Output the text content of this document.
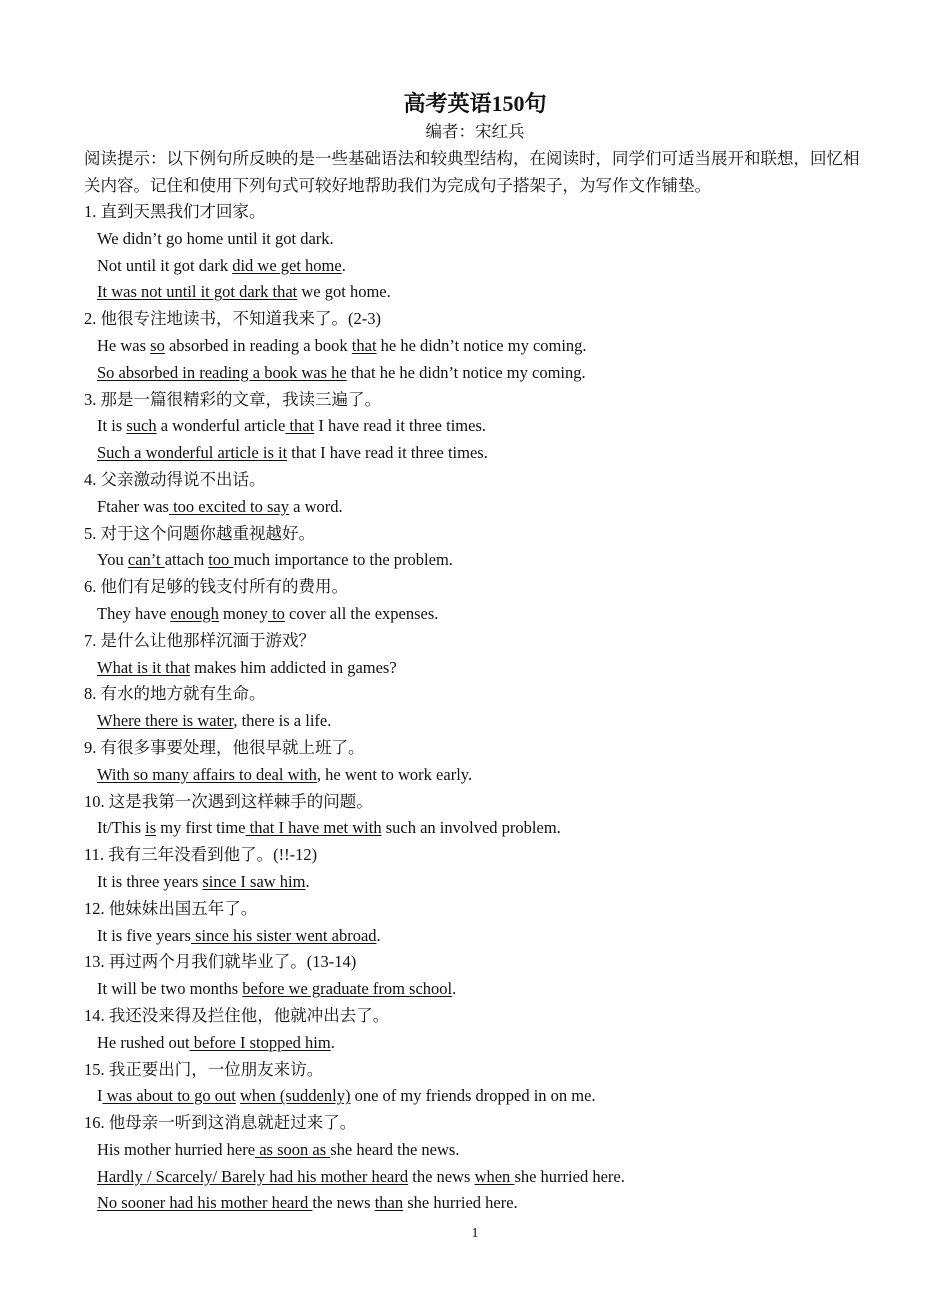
高考英语150句
编者：宋红兵
阅读提示：以下例句所反映的是一些基础语法和较典型结构，在阅读时，同学们可适当展开和联想，回忆相关内容。记住和使用下列句式可较好地帮助我们为完成句子搭架子，为写作文作铺垫。
1. 直到天黑我们才回家。
We didn’t go home until it got dark.
Not until it got dark did we get home.
It was not until it got dark that we got home.
2. 他很专注地读书，不知道我来了。(2-3)
He was so absorbed in reading a book that he he didn’t notice my coming.
So absorbed in reading a book was he that he he didn’t notice my coming.
3. 那是一篇很精彩的文章，我读三遍了。
It is such a wonderful article that I have read it three times.
Such a wonderful article is it that I have read it three times.
4. 父亲激动得说不出话。
Ftaher was too excited to say a word.
5. 对于这个问题你越重视越好。
You can’t attach too much importance to the problem.
6. 他们有足够的钱支付所有的费用。
They have enough money to cover all the expenses.
7. 是什么让他那样沉湎于游戏？
What is it that makes him addicted in games?
8. 有水的地方就有生命。
Where there is water, there is a life.
9. 有很多事要处理，他很早就上班了。
With so many affairs to deal with, he went to work early.
10. 这是我第一次遇到这样棘手的问题。
It/This is my first time that I have met with such an involved problem.
11. 我有三年没看到他了。(!!-12)
It is three years since I saw him.
12. 他妹妹出国五年了。
It is five years since his sister went abroad.
13. 再过两个月我们就毕业了。(13-14)
It will be two months before we graduate from school.
14. 我还没来得及拦住他，他就冲出去了。
He rushed out before I stopped him.
15. 我正要出门，一位朋友来访。
I was about to go out when (suddenly) one of my friends dropped in on me.
16. 他母亲一听到这消息就赶过来了。
His mother hurried here as soon as she heard the news.
Hardly / Scarcely/ Barely had his mother heard the news when she hurried here.
No sooner had his mother heard the news than she hurried here.
1
